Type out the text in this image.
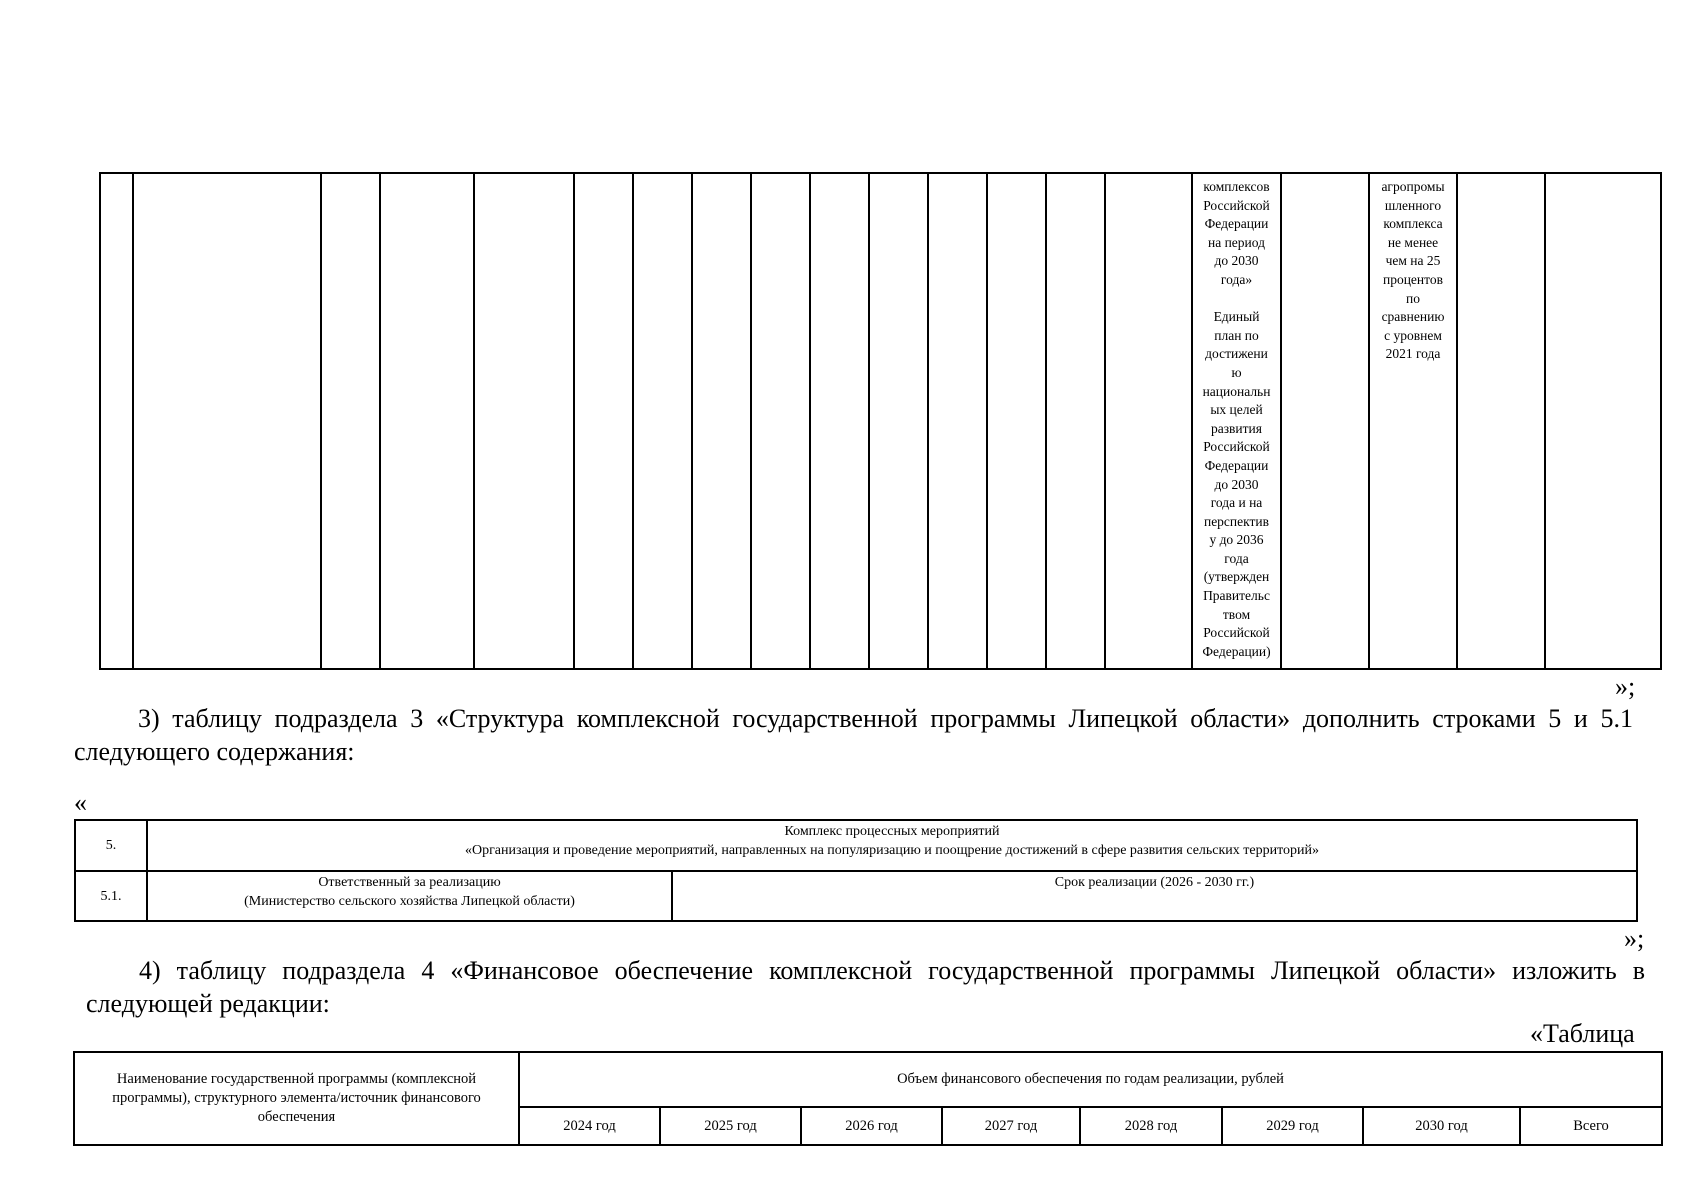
															комплексов
Российской
Федерации
на период
до 2030
года»

Единый
план по
достижени
ю
национальн
ых целей
развития
Российской
Федерации
до 2030
года и на
перспектив
у до 2036
года
(утвержден
Правительс
твом
Российской
Федерации)		агропромы
шленного
комплекса
не менее
чем на 25
процентов
по
сравнению
с уровнем
2021 года		
»;
3) таблицу подраздела 3 «Структура комплексной государственной программы Липецкой области» дополнить строками 5 и 5.1 следующего содержания:
«
5.	Комплекс процессных мероприятий
«Организация и проведение мероприятий, направленных на популяризацию и поощрение достижений в сфере развития сельских территорий»	

5.1.	Ответственный за реализацию
(Министерство сельского хозяйства Липецкой области)	Срок реализации (2026 - 2030 гг.)
»;
4) таблицу подраздела 4 «Финансовое обеспечение комплексной государственной программы Липецкой области» изложить в следующей редакции:
«Таблица
Наименование государственной программы (комплексной программы), структурного элемента/источник финансового обеспечения	Объем финансового обеспечения по годам реализации, рублей							
	2024 год	2025 год	2026 год	2027 год	2028 год	2029 год	2030 год	Всего
